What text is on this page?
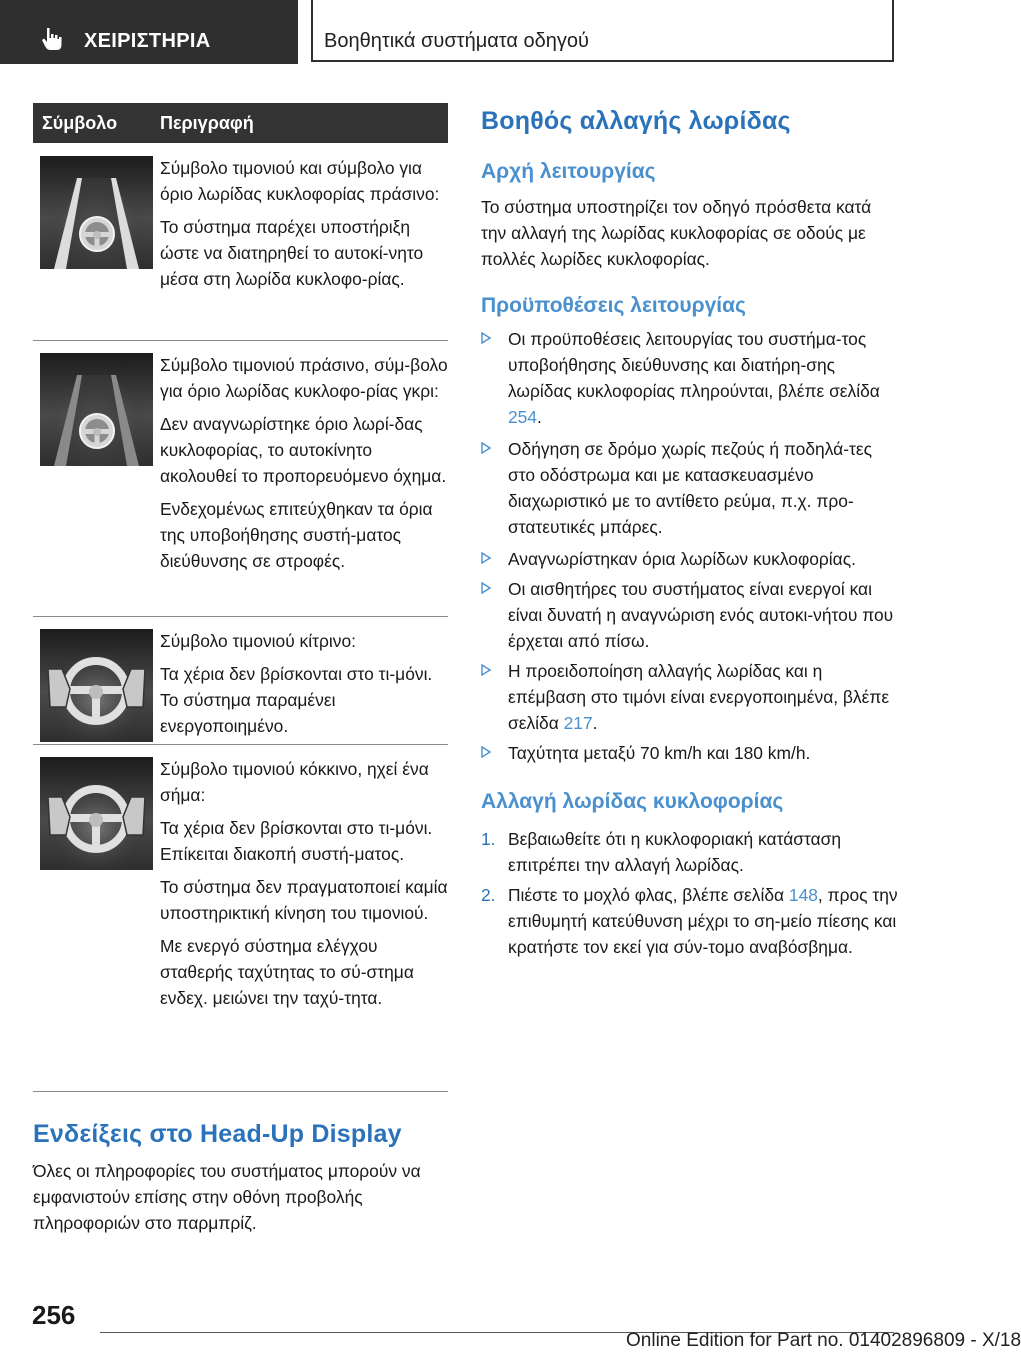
ΧΕΙΡΙΣΤΗΡΙΑ	Βοηθητικά συστήματα οδηγού
Σύμβολο Περιγραφή

Σύμβολο τιμονιού και σύμβολο για όριο λωρίδας κυκλοφορίας πράσινο:

Το σύστημα παρέχει υποστήριξη ώστε να διατηρηθεί το αυτοκί-νητο μέσα στη λωρίδα κυκλοφο-ρίας.

Σύμβολο τιμονιού πράσινο, σύμ-βολο για όριο λωρίδας κυκλοφο-ρίας γκρι:

Δεν αναγνωρίστηκε όριο λωρί-δας κυκλοφορίας, το αυτοκίνητο ακολουθεί το προπορευόμενο όχημα.

Ενδεχομένως επιτεύχθηκαν τα όρια της υποβοήθησης συστή-ματος διεύθυνσης σε στροφές.

Σύμβολο τιμονιού κίτρινο:

Τα χέρια δεν βρίσκονται στο τι-μόνι. Το σύστημα παραμένει ενεργοποιημένο.

Σύμβολο τιμονιού κόκκινο, ηχεί ένα σήμα:

Τα χέρια δεν βρίσκονται στο τι-μόνι. Επίκειται διακοπή συστή-ματος.

Το σύστημα δεν πραγματοποιεί καμία υποστηρικτική κίνηση του τιμονιού.

Με ενεργό σύστημα ελέγχου σταθερής ταχύτητας το σύ-στημα ενδεχ. μειώνει την ταχύ-τητα.

Ενδείξεις στο Head-Up Display

Όλες οι πληροφορίες του συστήματος μπορούν να εμφανιστούν επίσης στην οθόνη προβολής πληροφοριών στο παρμπρίζ.

Βοηθός αλλαγής λωρίδας
Αρχή λειτουργίας

Το σύστημα υποστηρίζει τον οδηγό πρόσθετα κατά την αλλαγή της λωρίδας κυκλοφορίας σε οδούς με πολλές λωρίδες κυκλοφορίας.

Προϋποθέσεις λειτουργίας
Οι προϋποθέσεις λειτουργίας του συστήμα-τος υποβοήθησης διεύθυνσης και διατήρη-σης λωρίδας κυκλοφορίας πληρούνται, βλέπε σελίδα 254.
Οδήγηση σε δρόμο χωρίς πεζούς ή ποδηλά-τες στο οδόστρωμα και με κατασκευασμένο διαχωριστικό με το αντίθετο ρεύμα, π.χ. προ-στατευτικές μπάρες.
Αναγνωρίστηκαν όρια λωρίδων κυκλοφορίας.
Οι αισθητήρες του συστήματος είναι ενεργοί και είναι δυνατή η αναγνώριση ενός αυτοκι-νήτου που έρχεται από πίσω.
Η προειδοποίηση αλλαγής λωρίδας και η επέμβαση στο τιμόνι είναι ενεργοποιημένα, βλέπε σελίδα 217.
Ταχύτητα μεταξύ 70 km/h και 180 km/h.
Αλλαγή λωρίδας κυκλοφορίας
1. Βεβαιωθείτε ότι η κυκλοφοριακή κατάσταση επιτρέπει την αλλαγή λωρίδας.
2. Πιέστε το μοχλό φλας, βλέπε σελίδα 148, προς την επιθυμητή κατεύθυνση μέχρι το ση-μείο πίεσης και κρατήστε τον εκεί για σύν-τομο αναβόσβημα.
256
Online Edition for Part no. 01402896809 - X/18
